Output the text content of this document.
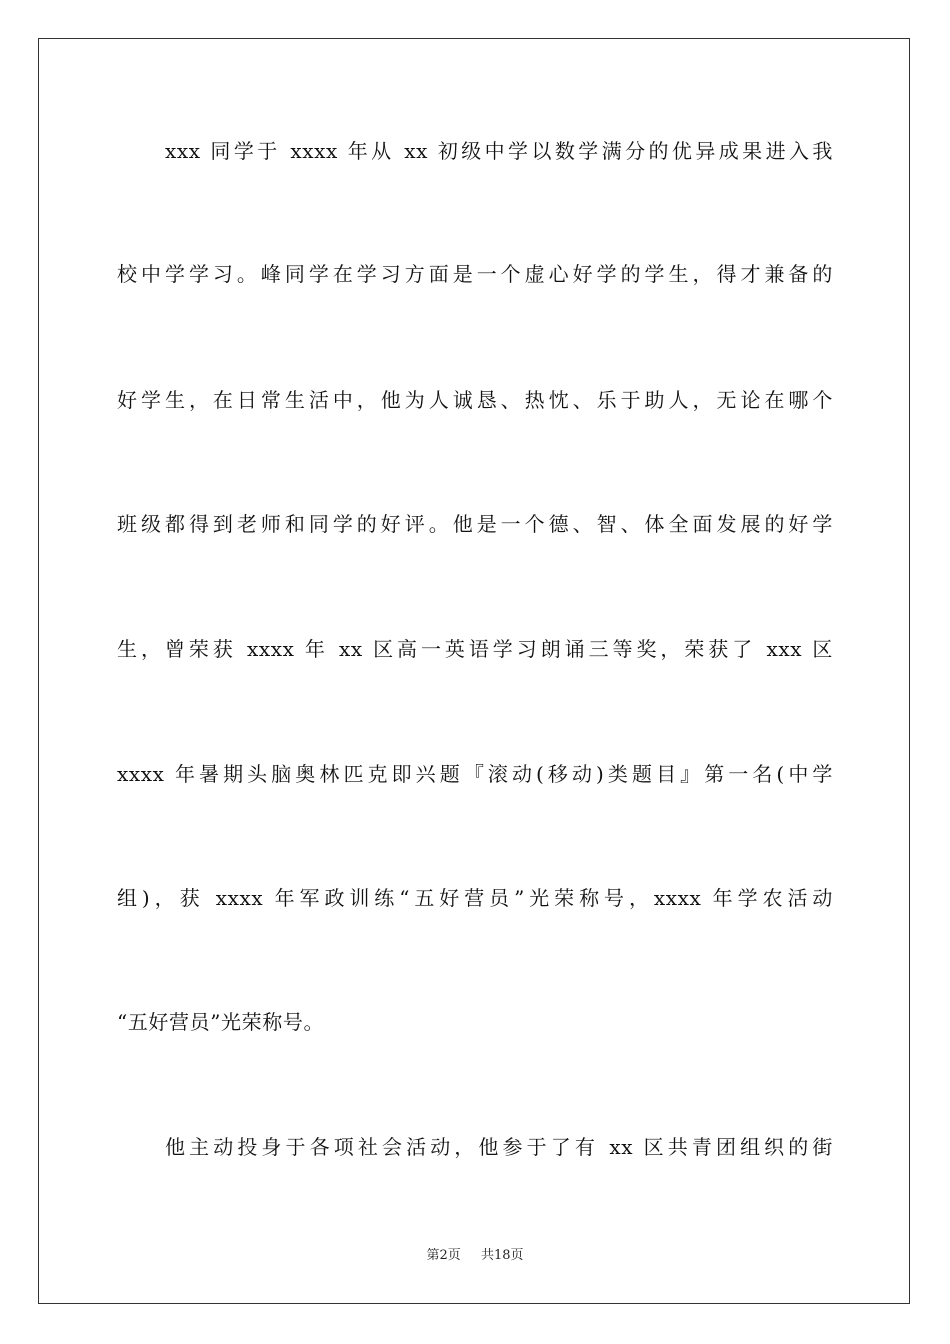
xxx 同学于 xxxx 年从 xx 初级中学以数学满分的优异成果进入我
校中学学习。峰同学在学习方面是一个虚心好学的学生，得才兼备的
好学生，在日常生活中，他为人诚恳、热忱、乐于助人，无论在哪个
班级都得到老师和同学的好评。他是一个德、智、体全面发展的好学
生，曾荣获 xxxx 年 xx 区高一英语学习朗诵三等奖，荣获了 xxx 区
xxxx 年暑期头脑奥林匹克即兴题『滚动(移动)类题目』第一名(中学
组)，获 xxxx 年军政训练“五好营员”光荣称号，xxxx 年学农活动
“五好营员”光荣称号。
他主动投身于各项社会活动，他参于了有 xx 区共青团组织的街
第2页 共18页
